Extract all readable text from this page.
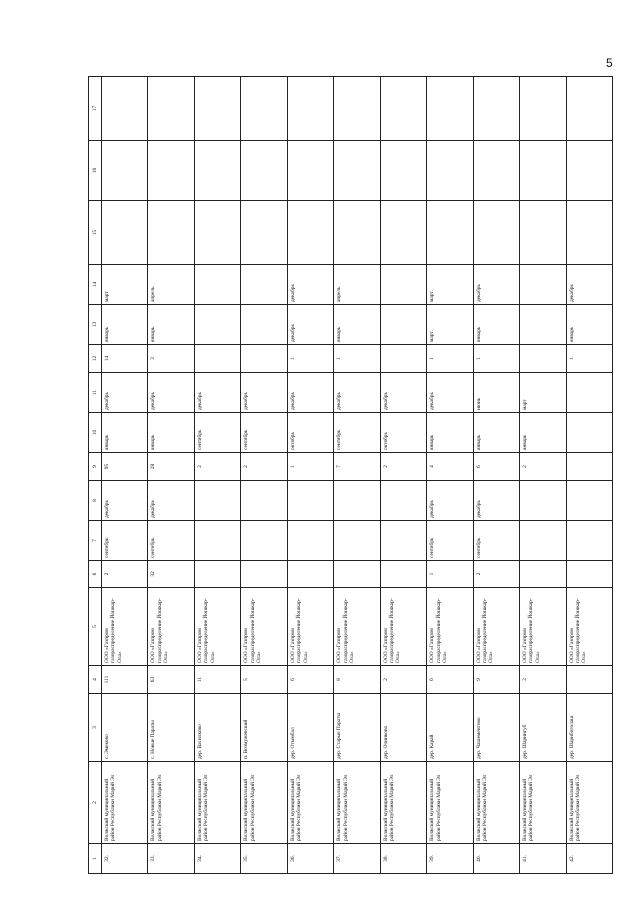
5
1	2	3	4	5	6	7	8	9	10	11	12	13	14	15	16	17
32.	Волжский муниципальный район Республики Марий Эл	с. Эмеково	111	ООО «Газпром газораспределение Йошкар-Ола»	2	сентябрь	декабрь	95	январь	декабрь	14	январь	март			
33.	Волжский муниципальный район Республики Марий Эл	с. Новые Параты	63	ООО «Газпром газораспределение Йошкар-Ола»	32	сентябрь	декабрь	28	январь	декабрь	3	январь	апрель			
34.	Волжский муниципальный район Республики Марий Эл	дер. Василково	11	ООО «Газпром газораспределение Йошкар-Ола»				2	сентябрь	декабрь						
35.	Волжский муниципальный район Республики Марий Эл	п. Возмужевский	5	ООО «Газпром газораспределение Йошкар-Ола»				2	сентябрь	декабрь						
36.	Волжский муниципальный район Республики Марий Эл	дер. Отымбал	6	ООО «Газпром газораспределение Йошкар-Ола»				1	октябрь	декабрь	1	декабрь	декабрь			
37.	Волжский муниципальный район Республики Марий Эл	дер. Старые Параты	8	ООО «Газпром газораспределение Йошкар-Ола»				7	сентябрь	декабрь	1	январь	апрель			
38.	Волжский муниципальный район Республики Марий Эл	дер. Очинково	2	ООО «Газпром газораспределение Йошкар-Ола»				2	октябрь	декабрь						
39.	Волжский муниципальный район Республики Марий Эл	дер. Карай	6	ООО «Газпром газораспределение Йошкар-Ола»	1	сентябрь	декабрь	4	январь	декабрь	1	март	март			
40.	Волжский муниципальный район Республики Марий Эл	дер. Чашементево	9	ООО «Газпром газораспределение Йошкар-Ола»	2	сентябрь	декабрь	6	январь	июнь	1	январь	декабрь			
41.	Волжский муниципальный район Республики Марий Эл	дер. Шарингуб	2	ООО «Газпром газораспределение Йошкар-Ола»				2	январь	март						
42.	Волжский муниципальный район Республики Марий Эл	дер. Шарибоголаш		ООО «Газпром газораспределение Йошкар-Ола»							1	январь	декабрь			
